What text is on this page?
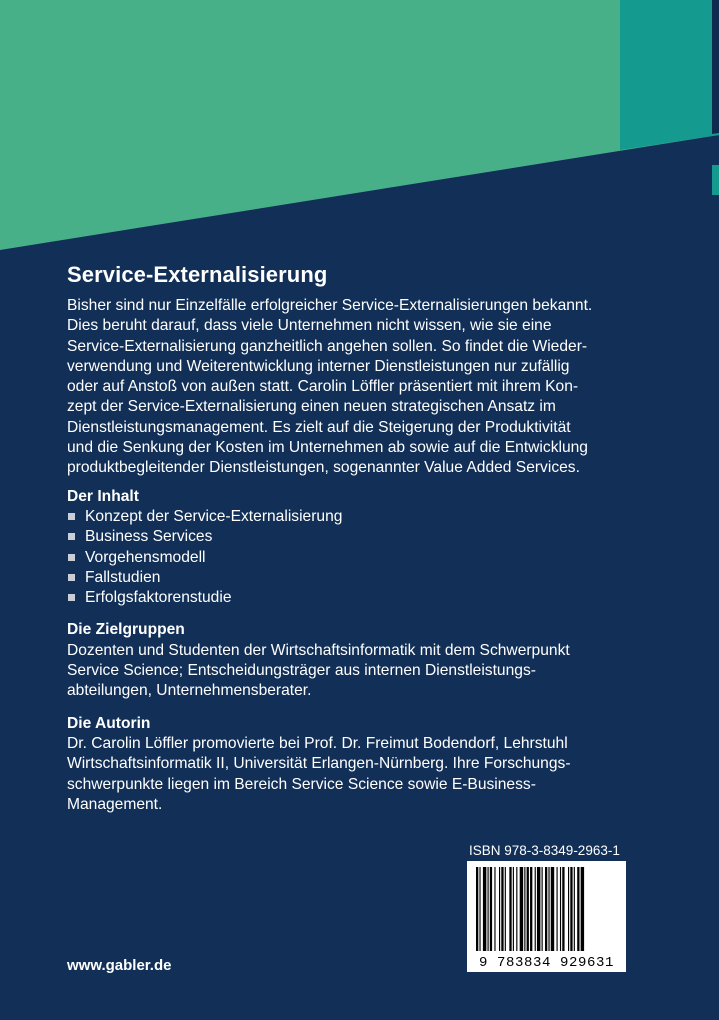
Service-Externalisierung

Bisher sind nur Einzelfälle erfolgreicher Service-Externalisierungen bekannt.
Dies beruht darauf, dass viele Unternehmen nicht wissen, wie sie eine
Service-Externalisierung ganzheitlich angehen sollen. So findet die Wieder-
verwendung und Weiterentwicklung interner Dienstleistungen nur zufällig
oder auf Anstoß von außen statt. Carolin Löffler präsentiert mit ihrem Kon-
zept der Service-Externalisierung einen neuen strategischen Ansatz im
Dienstleistungsmanagement. Es zielt auf die Steigerung der Produktivität
und die Senkung der Kosten im Unternehmen ab sowie auf die Entwicklung
produktbegleitender Dienstleistungen, sogenannter Value Added Services.

Der Inhalt

Konzept der Service-Externalisierung
Business Services
Vorgehensmodell
Fallstudien
Erfolgsfaktorenstudie

Die Zielgruppen

Dozenten und Studenten der Wirtschaftsinformatik mit dem Schwerpunkt
Service Science; Entscheidungsträger aus internen Dienstleistungs-
abteilungen, Unternehmensberater.

Die Autorin

Dr. Carolin Löffler promovierte bei Prof. Dr. Freimut Bodendorf, Lehrstuhl
Wirtschaftsinformatik II, Universität Erlangen-Nürnberg. Ihre Forschungs-
schwerpunkte liegen im Bereich Service Science sowie E-Business-
Management.

ISBN 978-3-8349-2963-1
9 783834 929631
www.gabler.de
